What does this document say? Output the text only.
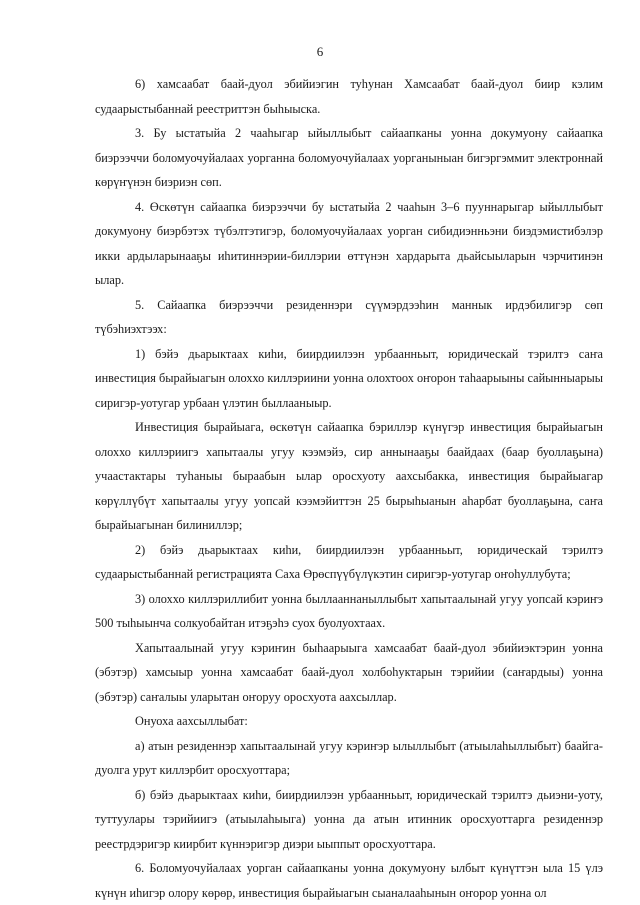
6

6) хамсаабат баай-дуол эбийиэгин туһунан Хамсаабат баай-дуол биир кэлим судаарыстыбаннай реестриттэн быһыыска.

3. Бу ыстатыйа 2 чааһыгар ыйыллыбыт сайаапканы уонна докумуону сайаапка биэрээччи боломуочуйалаах уорганна боломуочуйалаах уорганыныан бигэргэммит электроннай көрүҥүнэн биэриэн сөп.

4. Өскөтүн сайаапка биэрээччи бу ыстатыйа 2 чааһын 3–6 пууннарыгар ыйыллыбыт докумуону биэрбэтэх түбэлтэтигэр, боломуочуйалаах уорган сибидиэнньэни биэдэмистибэлэр икки ардыларынааҕы иһитиннэрии-биллэрии өттүнэн хардарыта дьайсыыларын чэрчитинэн ылар.

5. Сайаапка биэрээччи резиденнэри сүүмэрдээһин маннык ирдэбилигэр сөп түбэһиэхтээх:

1) бэйэ дьарыктаах киһи, биирдиилээн урбаанньыт, юридическай тэрилтэ саҥа инвестиция бырайыагын олоххо киллэриини уонна олохтоох оҥорон таһаарыыны сайынныарыы сиригэр-уотугар урбаан үлэтин быллааныыр.

Инвестиция бырайыага, өскөтүн сайаапка бэриллэр күнүгэр инвестиция бырайыагын олоххо киллэриигэ хапытаалы угуу кээмэйэ, сир аннынааҕы баайдаах (баар буоллаҕына) учаастактары туһаныы быраабын ылар оросхуоту аахсыбакка, инвестиция бырайыагар көрүллүбүт хапытаалы угуу уопсай кээмэйиттэн 25 бырыһыанын аһарбат буоллаҕына, саҥа бырайыагынан билиниллэр;

2) бэйэ дьарыктаах киһи, биирдиилээн урбаанньыт, юридическай тэрилтэ судаарыстыбаннай регистрацията Саха Өрөспүүбүлүкэтин сиригэр-уотугар оҥоһуллубута;

3) олоххо киллэриллибит уонна быллааннаныллыбыт хапытаалынай угуу уопсай кэриҥэ 500 тыһыынча солкуобайтан итэҕэһэ суох буолуохтаах.

Хапытаалынай угуу кэриҥин быһаарыыга хамсаабат баай-дуол эбийиэктэрин уонна (эбэтэр) хамсыыр уонна хамсаабат баай-дуол холбоһуктарын тэрийии (саҥардыы) уонна (эбэтэр) саҥалыы уларытан оҥоруу оросхуота аахсыллар.

Онуоха аахсыллыбат:

а) атын резиденнэр хапытаалынай угуу кэриҥэр ылыллыбыт (атыылаһыллыбыт) баайга-дуолга урут киллэрбит оросхуоттара;

б) бэйэ дьарыктаах киһи, биирдиилээн урбаанньыт, юридическай тэрилтэ дьиэни-уоту, туттуулары тэрийиигэ (атыылаһыыга) уонна да атын итинник оросхуоттарга резиденнэр реестрдэригэр киирбит күннэригэр диэри ыыппыт оросхуоттара.

6. Боломуочуйалаах уорган сайаапканы уонна докумуону ылбыт күнүттэн ыла 15 үлэ күнүн иһигэр олору көрөр, инвестиция бырайыагын сыаналааһынын оҥорор уонна ол
